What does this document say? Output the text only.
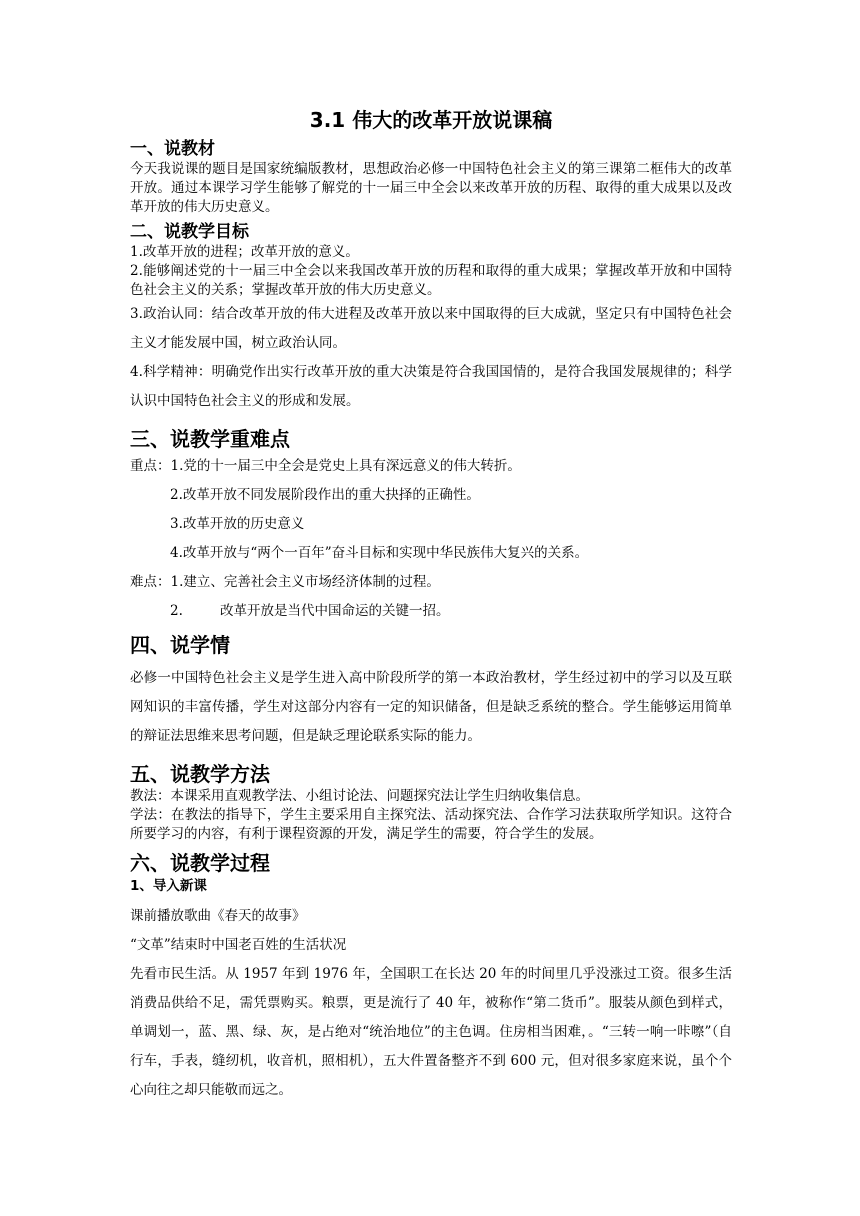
3.1 伟大的改革开放说课稿
一、说教材

今天我说课的题目是国家统编版教材，思想政治必修一中国特色社会主义的第三课第二框伟大的改革开放。通过本课学习学生能够了解党的十一届三中全会以来改革开放的历程、取得的重大成果以及改革开放的伟大历史意义。

二、说教学目标

1.改革开放的进程；改革开放的意义。

2.能够阐述党的十一届三中全会以来我国改革开放的历程和取得的重大成果；掌握改革开放和中国特色社会主义的关系；掌握改革开放的伟大历史意义。

3.政治认同：结合改革开放的伟大进程及改革开放以来中国取得的巨大成就，坚定只有中国特色社会主义才能发展中国，树立政治认同。

4.科学精神：明确党作出实行改革开放的重大决策是符合我国国情的，是符合我国发展规律的；科学认识中国特色社会主义的形成和发展。

三、说教学重难点

重点：1.党的十一届三中全会是党史上具有深远意义的伟大转折。

2.改革开放不同发展阶段作出的重大抉择的正确性。

3.改革开放的历史意义

4.改革开放与“两个一百年”奋斗目标和实现中华民族伟大复兴的关系。

难点：1.建立、完善社会主义市场经济体制的过程。

2.	改革开放是当代中国命运的关键一招。

四、说学情

必修一中国特色社会主义是学生进入高中阶段所学的第一本政治教材，学生经过初中的学习以及互联网知识的丰富传播，学生对这部分内容有一定的知识储备，但是缺乏系统的整合。学生能够运用简单的辩证法思维来思考问题，但是缺乏理论联系实际的能力。

五、说教学方法

教法：本课采用直观教学法、小组讨论法、问题探究法让学生归纳收集信息。

学法：在教法的指导下，学生主要采用自主探究法、活动探究法、合作学习法获取所学知识。这符合所要学习的内容，有利于课程资源的开发，满足学生的需要，符合学生的发展。

六、说教学过程
1、导入新课

课前播放歌曲《春天的故事》

“文革”结束时中国老百姓的生活状况

先看市民生活。从 1957 年到 1976 年，全国职工在长达 20 年的时间里几乎没涨过工资。很多生活消费品供给不足，需凭票购买。粮票，更是流行了 40 年，被称作“第二货币”。服装从颜色到样式，单调划一，蓝、黑、绿、灰，是占绝对“统治地位”的主色调。住房相当困难，。“三转一响一咔嚓”（自行车，手表，缝纫机，收音机，照相机），五大件置备整齐不到 600 元，但对很多家庭来说，虽个个心向往之却只能敬而远之。
